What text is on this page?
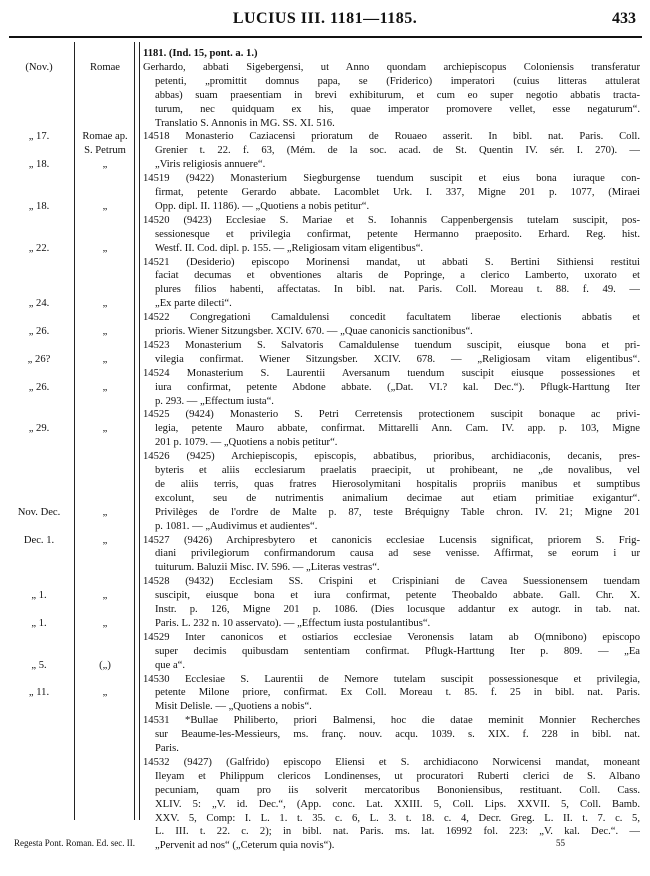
LUCIUS III. 1181—1185.	433
1181. (Ind. 15, pont. a. 1.)
Gerhardo, abbati Sigebergensi, ut Anno quondam archiepiscopus Coloniensis transferatur
petenti, „promittit domnus papa, se (Friderico) imperatori (cuius litteras attulerat
abbas) suam praesentiam in brevi exhibiturum, et cum eo super negotio abbatis tracta-
turum, nec quidquam ex his, quae imperator promovere vellet, esse negaturum“.
Translatio S. Annonis in MG. SS. XI. 516.
14518 Monasterio Caziacensi prioratum de Rouaeo asserit. In bibl. nat. Paris. Coll.
Grenier t. 22. f. 63, (Mém. de la soc. acad. de St. Quentin IV. sér. I. 270). —
„Viris religiosis annuere“.
14519 (9422) Monasterium Siegburgense tuendum suscipit et eius bona iuraque con-
firmat, petente Gerardo abbate. Lacomblet Urk. I. 337, Migne 201 p. 1077, (Miraei
Opp. dipl. II. 1186). — „Quotiens a nobis petitur“.
14520 (9423) Ecclesiae S. Mariae et S. Iohannis Cappenbergensis tutelam suscipit, pos-
sessionesque et privilegia confirmat, petente Hermanno praeposito. Erhard. Reg. hist.
Westf. II. Cod. dipl. p. 155. — „Religiosam vitam eligentibus“.
14521 (Desiderio) episcopo Morinensi mandat, ut abbati S. Bertini Sithiensi restitui
faciat decumas et obventiones altaris de Popringe, a clerico Lamberto, uxorato et
plures filios habenti, affectatas. In bibl. nat. Paris. Coll. Moreau t. 88. f. 49. —
„Ex parte dilecti“.
14522 Congregationi Camaldulensi concedit facultatem liberae electionis abbatis et
prioris. Wiener Sitzungsber. XCIV. 670. — „Quae canonicis sanctionibus“.
14523 Monasterium S. Salvatoris Camaldulense tuendum suscipit, eiusque bona et pri-
vilegia confirmat. Wiener Sitzungsber. XCIV. 678. — „Religiosam vitam eligentibus“.
14524 Monasterium S. Laurentii Aversanum tuendum suscipit eiusque possessiones et
iura confirmat, petente Abdone abbate. („Dat. VI.? kal. Dec.“). Pflugk-Harttung Iter
p. 293. — „Effectum iusta“.
14525 (9424) Monasterio S. Petri Cerretensis protectionem suscipit bonaque ac privi-
legia, petente Mauro abbate, confirmat. Mittarelli Ann. Cam. IV. app. p. 103, Migne
201 p. 1079. — „Quotiens a nobis petitur“.
14526 (9425) Archiepiscopis, episcopis, abbatibus, prioribus, archidiaconis, decanis, pres-
byteris et aliis ecclesiarum praelatis praecipit, ut prohibeant, ne „de novalibus, vel
de aliis terris, quas fratres Hierosolymitani hospitalis propriis manibus et sumptibus
excolunt, seu de nutrimentis animalium decimae aut etiam primitiae exigantur“.
Privilèges de l'ordre de Malte p. 87, teste Bréquigny Table chron. IV. 21; Migne 201
p. 1081. — „Audivimus et audientes“.
14527 (9426) Archipresbytero et canonicis ecclesiae Lucensis significat, priorem S. Frig-
diani privilegiorum confirmandorum causa ad sese venisse. Affirmat, se eorum i ur
tuiturum. Baluzii Misc. IV. 596. — „Literas vestras“.
14528 (9432) Ecclesiam SS. Crispini et Crispiniani de Cavea Suessionensem tuendam
suscipit, eiusque bona et iura confirmat, petente Theobaldo abbate. Gall. Chr. X.
Instr. p. 126, Migne 201 p. 1086. (Dies locusque addantur ex autogr. in tab. nat.
Paris. L. 232 n. 10 asservato). — „Effectum iusta postulantibus“.
14529 Inter canonicos et ostiarios ecclesiae Veronensis latam ab O(mnibono) episcopo
super decimis quibusdam sententiam confirmat. Pflugk-Harttung Iter p. 809. — „Ea
que a“.
14530 Ecclesiae S. Laurentii de Nemore tutelam suscipit possessionesque et privilegia,
petente Milone priore, confirmat. Ex Coll. Moreau t. 85. f. 25 in bibl. nat. Paris.
Misit Delisle. — „Quotiens a nobis“.
14531 *Bullae Philiberto, priori Balmensi, hoc die datae meminit Monnier Recherches
sur Beaume-les-Messieurs, ms. franç. nouv. acqu. 1039. s. XIX. f. 228 in bibl. nat.
Paris.
14532 (9427) (Galfrido) episcopo Eliensi et S. archidiacono Norwicensi mandat, moneant
Ileyam et Philippum clericos Londinenses, ut procuratori Ruberti clerici de S. Albano
pecuniam, quam pro iis solverit mercatoribus Bononiensibus, restituant. Coll. Cass.
XLIV. 5: „V. id. Dec.“, (App. conc. Lat. XXIII. 5, Coll. Lips. XXVII. 5, Coll. Bamb.
XXV. 5, Comp: I. L. 1. t. 35. c. 6, L. 3. t. 18. c. 4, Decr. Greg. L. II. t. 7. c. 5,
L. III. t. 22. c. 2); in bibl. nat. Paris. ms. lat. 16992 fol. 223: „V. kal. Dec.“. —
„Pervenit ad nos“ („Ceterum quia novis“).
(Nov.)
„ 17.
„ 18.
„ 18.
„ 22.
„ 24.
„ 26.
„ 26?
„ 26.
„ 29.
Nov. Dec.
Dec. 1.
„ 1.
„ 1.
„ 5.
„ 11.
Romae
Romae ap.
S. Petrum
„
„
„
„
„
„
„
„
„
„
„
„
(„)
„
Regesta Pont. Roman. Ed. sec. II.	55
